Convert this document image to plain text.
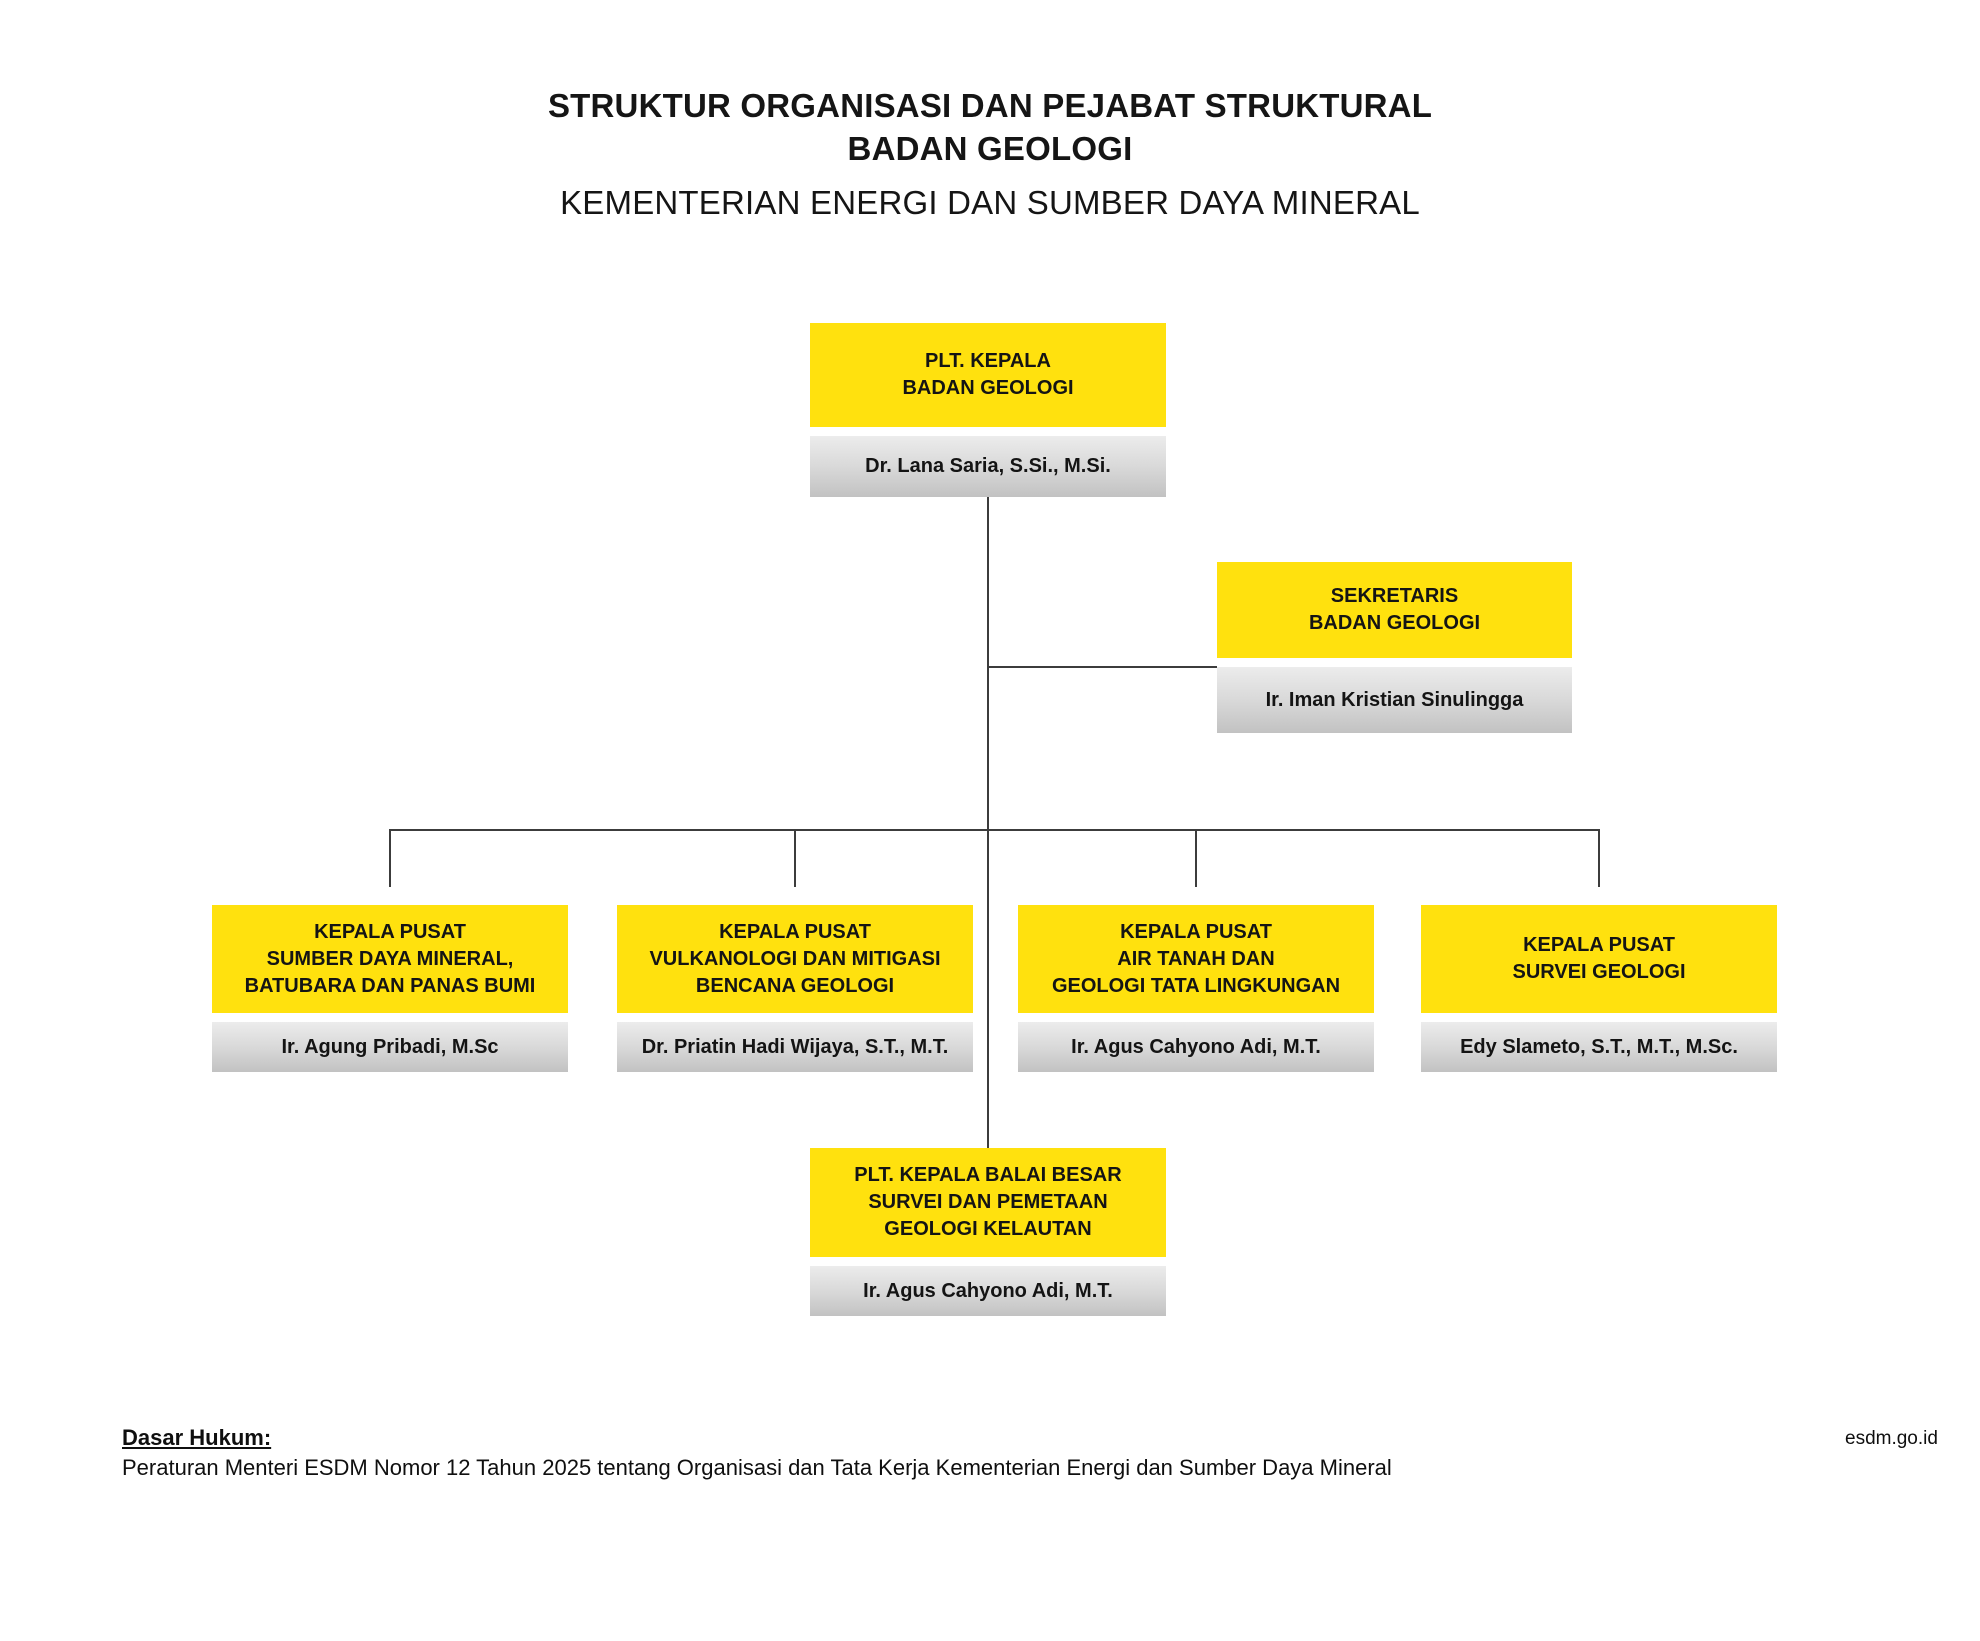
STRUKTUR ORGANISASI DAN PEJABAT STRUKTURAL
BADAN GEOLOGI
KEMENTERIAN ENERGI DAN SUMBER DAYA MINERAL
PLT. KEPALA
BADAN GEOLOGI
Dr. Lana Saria, S.Si., M.Si.
SEKRETARIS
BADAN GEOLOGI
Ir. Iman Kristian Sinulingga
KEPALA PUSAT
SUMBER DAYA MINERAL,
BATUBARA DAN PANAS BUMI
Ir. Agung Pribadi, M.Sc
KEPALA PUSAT
VULKANOLOGI DAN MITIGASI
BENCANA GEOLOGI
Dr. Priatin Hadi Wijaya, S.T., M.T.
KEPALA PUSAT
AIR TANAH DAN
GEOLOGI TATA LINGKUNGAN
Ir. Agus Cahyono Adi, M.T.
KEPALA PUSAT
SURVEI GEOLOGI
Edy Slameto, S.T., M.T., M.Sc.
PLT. KEPALA BALAI BESAR
SURVEI DAN PEMETAAN
GEOLOGI KELAUTAN
Ir. Agus Cahyono Adi, M.T.
Dasar Hukum:
Peraturan Menteri ESDM Nomor 12 Tahun 2025 tentang Organisasi dan Tata Kerja Kementerian Energi dan Sumber Daya Mineral
esdm.go.id
